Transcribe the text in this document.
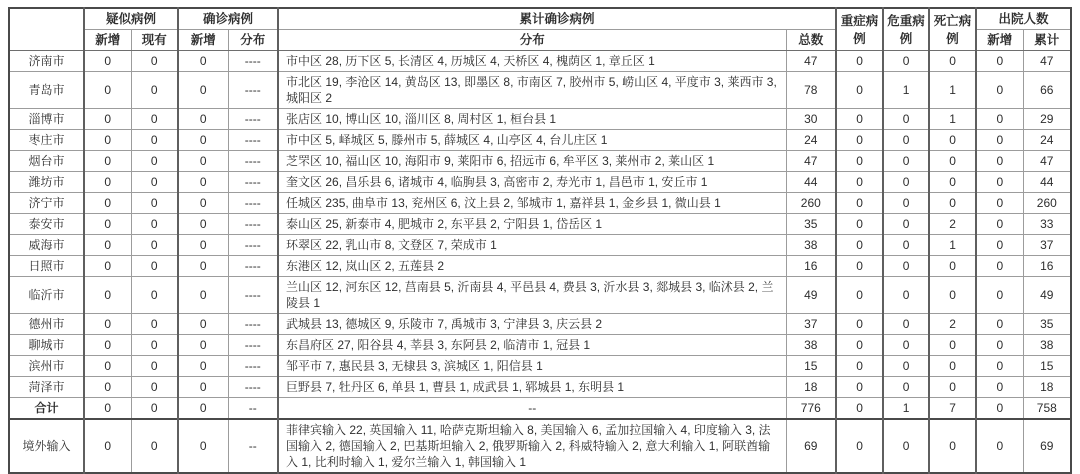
	疑似病例		确诊病例		累计确诊病例		重症病例	危重病例	死亡病例	出院人数	
	新增	现有	新增	分布	分布	总数				新增	累计
济南市	0	0	0	----	市中区 28, 历下区 5, 长清区 4, 历城区 4, 天桥区 4, 槐荫区 1, 章丘区 1	47	0	0	0	0	47
青岛市	0	0	0	----	市北区 19, 李沧区 14, 黄岛区 13, 即墨区 8, 市南区 7, 胶州市 5, 崂山区 4, 平度市 3, 莱西市 3, 城阳区 2	78	0	1	1	0	66
淄博市	0	0	0	----	张店区 10, 博山区 10, 淄川区 8, 周村区 1, 桓台县 1	30	0	0	1	0	29
枣庄市	0	0	0	----	市中区 5, 峄城区 5, 滕州市 5, 薛城区 4, 山亭区 4, 台儿庄区 1	24	0	0	0	0	24
烟台市	0	0	0	----	芝罘区 10, 福山区 10, 海阳市 9, 莱阳市 6, 招远市 6, 牟平区 3, 莱州市 2, 莱山区 1	47	0	0	0	0	47
潍坊市	0	0	0	----	奎文区 26, 昌乐县 6, 诸城市 4, 临朐县 3, 高密市 2, 寿光市 1, 昌邑市 1, 安丘市 1	44	0	0	0	0	44
济宁市	0	0	0	----	任城区 235, 曲阜市 13, 兖州区 6, 汶上县 2, 邹城市 1, 嘉祥县 1, 金乡县 1, 微山县 1	260	0	0	0	0	260
泰安市	0	0	0	----	泰山区 25, 新泰市 4, 肥城市 2, 东平县 2, 宁阳县 1, 岱岳区 1	35	0	0	2	0	33
威海市	0	0	0	----	环翠区 22, 乳山市 8, 文登区 7, 荣成市 1	38	0	0	1	0	37
日照市	0	0	0	----	东港区 12, 岚山区 2, 五莲县 2	16	0	0	0	0	16
临沂市	0	0	0	----	兰山区 12, 河东区 12, 莒南县 5, 沂南县 4, 平邑县 4, 费县 3, 沂水县 3, 郯城县 3, 临沭县 2, 兰陵县 1	49	0	0	0	0	49
德州市	0	0	0	----	武城县 13, 德城区 9, 乐陵市 7, 禹城市 3, 宁津县 3, 庆云县 2	37	0	0	2	0	35
聊城市	0	0	0	----	东昌府区 27, 阳谷县 4, 莘县 3, 东阿县 2, 临清市 1, 冠县 1	38	0	0	0	0	38
滨州市	0	0	0	----	邹平市 7, 惠民县 3, 无棣县 3, 滨城区 1, 阳信县 1	15	0	0	0	0	15
菏泽市	0	0	0	----	巨野县 7, 牡丹区 6, 单县 1, 曹县 1, 成武县 1, 郓城县 1, 东明县 1	18	0	0	0	0	18
合计	0	0	0	--	--	776	0	1	7	0	758
境外输入	0	0	0	--	菲律宾输入 22, 英国输入 11, 哈萨克斯坦输入 8, 美国输入 6, 孟加拉国输入 4, 印度输入 3, 法国输入 2, 德国输入 2, 巴基斯坦输入 2, 俄罗斯输入 2, 科威特输入 2, 意大利输入 1, 阿联酋输入 1, 比利时输入 1, 爱尔兰输入 1, 韩国输入 1	69	0	0	0	0	69
